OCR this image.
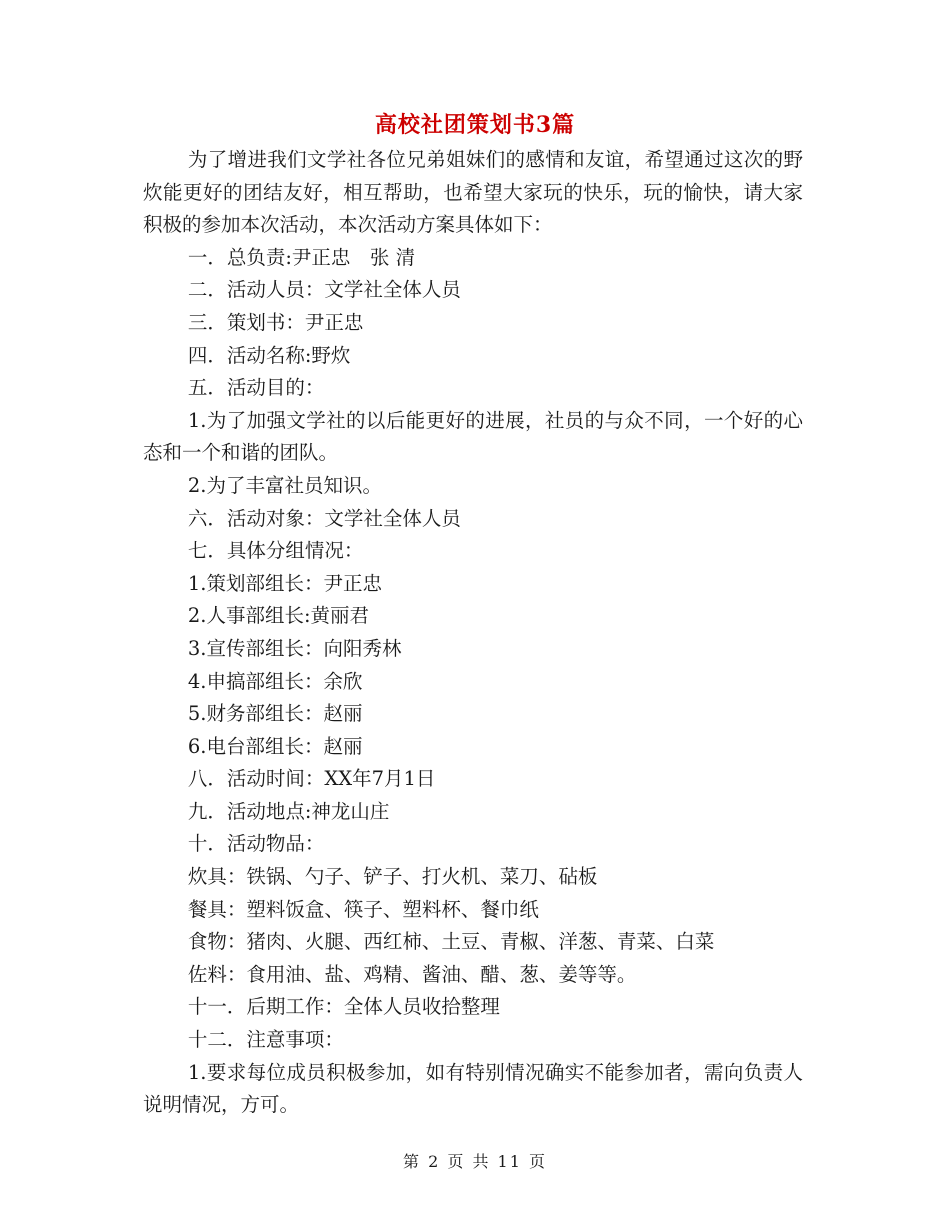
高校社团策划书3篇

为了增进我们文学社各位兄弟姐妹们的感情和友谊，希望通过这次的野炊能更好的团结友好，相互帮助，也希望大家玩的快乐，玩的愉快，请大家积极的参加本次活动，本次活动方案具体如下：

一．总负责:尹正忠　张 清

二．活动人员：文学社全体人员

三．策划书：尹正忠

四．活动名称:野炊

五．活动目的：

1.为了加强文学社的以后能更好的进展，社员的与众不同，一个好的心态和一个和谐的团队。

2.为了丰富社员知识。

六．活动对象：文学社全体人员

七．具体分组情况：

1.策划部组长：尹正忠

2.人事部组长:黄丽君

3.宣传部组长：向阳秀林

4.申搞部组长：余欣

5.财务部组长：赵丽

6.电台部组长：赵丽

八．活动时间：XX年7月1日

九．活动地点:神龙山庄

十．活动物品：

炊具：铁锅、勺子、铲子、打火机、菜刀、砧板

餐具：塑料饭盒、筷子、塑料杯、餐巾纸

食物：猪肉、火腿、西红柿、土豆、青椒、洋葱、青菜、白菜

佐料：食用油、盐、鸡精、酱油、醋、葱、姜等等。

十一．后期工作：全体人员收拾整理

十二．注意事项：

1.要求每位成员积极参加，如有特别情况确实不能参加者，需向负责人说明情况，方可。

第 2 页 共 11 页
